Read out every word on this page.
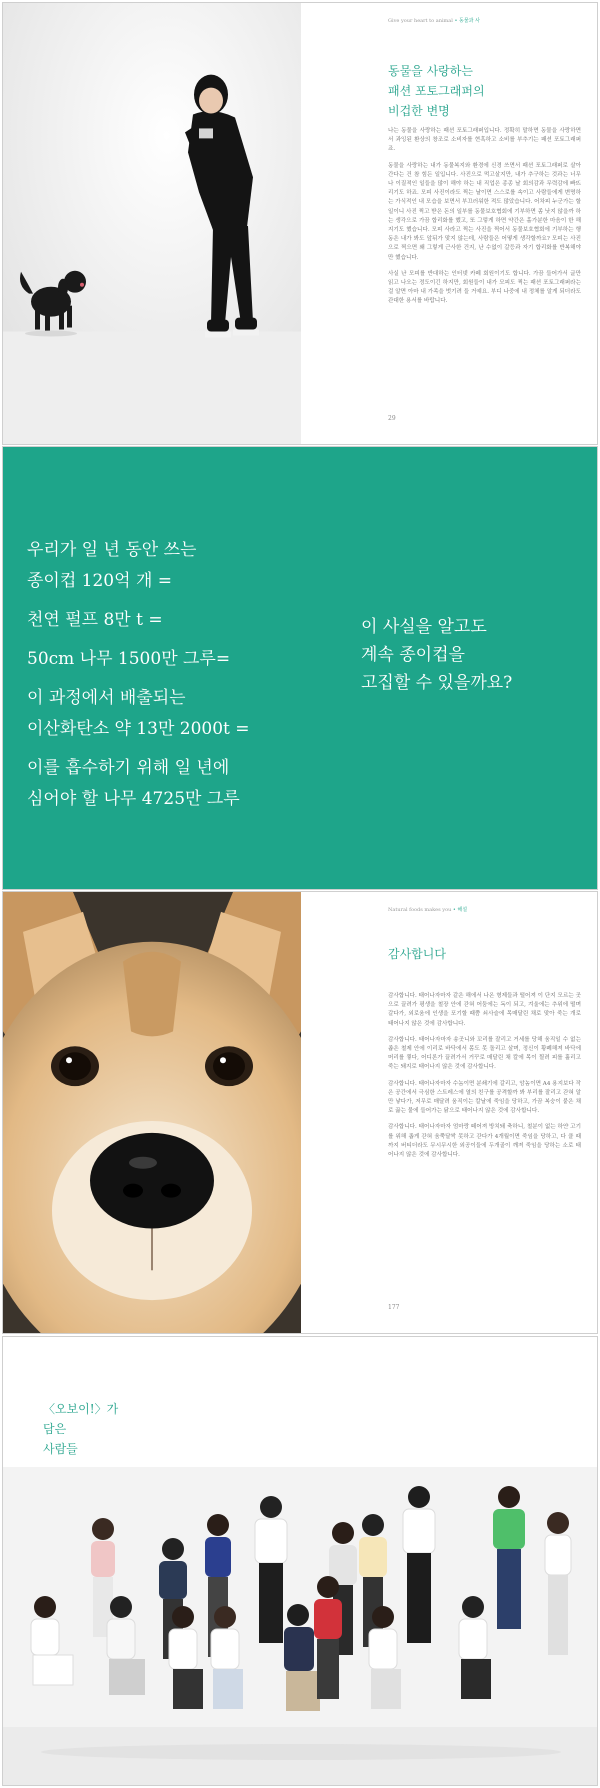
Give your heart to animal • 동물과 사
동물을 사랑하는
패션 포토그래퍼의
비겁한 변명

나는 동물을 사랑하는 패션 포토그래퍼입니다. 정확히 말하면 동물을 사랑하면서 과잉된 환상의 창조로 소비자를 현혹하고 소비를 부추기는 패션 포토그래퍼죠.

동물을 사랑하는 내가 동물복지와 환경에 신경 쓰면서 패션 포토그래퍼로 살아간다는 건 참 힘든 일입니다. 사진으로 먹고살지만, 내가 추구하는 것과는 너무나 이질적인 일들을 많이 해야 하는 내 직업은 종종 날 회의감과 무력감에 빠뜨리기도 하죠. 모피 사진이라도 찍는 날이면 스스로를 속이고 사람들에게 변명하는 가식적인 내 모습을 보면서 부끄러워한 적도 많았습니다. 어차피 누군가는 할 일이니 사진 찍고 받은 돈의 일부를 동물보호협회에 기부하면 좀 낫지 않을까 하는 생각으로 가끔 합리화를 했고, 또 그렇게 하면 약간은 홀가분한 마음이 한 해지기도 했습니다. 모피 사라고 찍는 사진을 찍어서 동물보호협회에 기부하는 행동은 내가 봐도 앞뒤가 맞지 않는데, 사람들은 어떻게 생각할까요? 모피는 사진으로 찍으면 왜 그렇게 근사한 건지, 난 수없이 갈등과 자기 합리화를 반복해야만 했습니다.

사실 난 모피를 반대하는 인터넷 카페 회원이기도 합니다. 가끔 들어가서 글만 읽고 나오는 정도이긴 하지만, 회원들이 내가 모피도 찍는 패션 포토그래퍼라는 걸 알면 아마 내 가족을 벗기려 들 거예요. 부디 나중에 내 정체를 알게 되더라도 관대한 용서를 바랍니다.

29
우리가 일 년 동안 쓰는
종이컵 120억 개 =
천연 펄프 8만 t =
50cm 나무 1500만 그루=
이 과정에서 배출되는
이산화탄소 약 13만 2000t =
이를 흡수하기 위해 일 년에
심어야 할 나무 4725만 그루
이 사실을 알고도
계속 종이컵을
고집할 수 있을까요?
Natural foods makes you • 해설
감사합니다

감사합니다. 태어나자마자 같은 해에서 나온 형제들과 떨어져 이 단지 모르는 곳으로 끌려가 평생을 철장 안에 갇혀 어둠에는 독이 되고, 겨울에는 추위에 떨며 갈다가, 외로움에 인생을 포기할 때쯤 쇠사슬에 목매달린 채로 맞아 죽는 개로 태어나지 않은 것에 감사합니다.

감사합니다. 태어나자마자 송곳니와 꼬리를 잘리고 거세를 당해 움직일 수 없는 좁은 철제 안에 이리로 바닥에서 몸도 못 돌리고 살며, 정신이 황폐해져 바닥에 머리를 찧다, 어디론가 끌려가서 거꾸로 매달린 채 칼에 목이 찔려 피를 흘리고 죽는 돼지로 태어나지 않은 것에 감사합니다.

감사합니다. 태어나자마자 수놈이면 분쇄기에 갈리고, 암놈이면 A4 용지보다 작은 공간에서 극심한 스트레스에 열의 친구를 공격할까 봐 부리를 잘리고 갇혀 알만 낳다가, 저무로 매달려 움직이는 칼날에 죽임을 당하고, 가끔 복숭이 붙은 채로 끓는 물에 들어가는 닭으로 태어나지 않은 것에 감사합니다.

감사합니다. 태어나자마자 엄마랑 떼어져 방치돼 축하니, 철분이 없는 하얀 고기를 위해 좁게 갇혀 움쭉달싹 못하고 갇다가 4개월이면 죽임을 당하고, 다 클 때까지 버티더라도 무시무시한 외공이들에 두개골이 깨져 죽임을 당하는 소로 태어나지 않은 것에 감사합니다.

177
〈오보이!〉가
담은
사람들
